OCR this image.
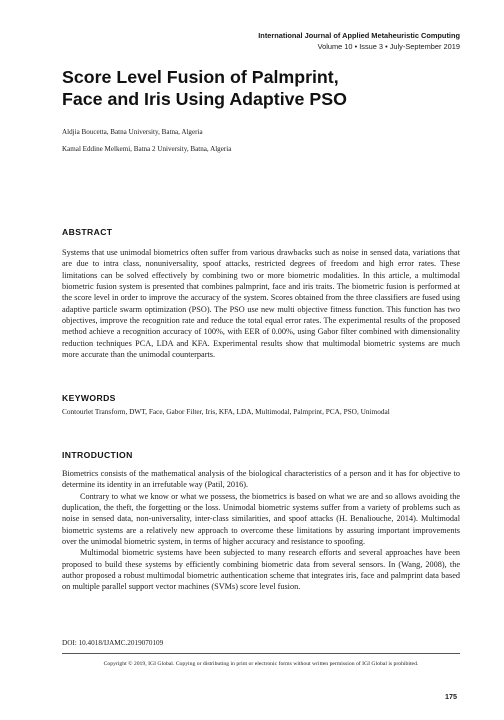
International Journal of Applied Metaheuristic Computing
Volume 10 • Issue 3 • July-September 2019
Score Level Fusion of Palmprint,
Face and Iris Using Adaptive PSO
Aldjia Boucetta, Batna University, Batna, Algeria
Kamal Eddine Melkemi, Batna 2 University, Batna, Algeria
ABSTRACT

Systems that use unimodal biometrics often suffer from various drawbacks such as noise in sensed data, variations that are due to intra class, nonuniversality, spoof attacks, restricted degrees of freedom and high error rates. These limitations can be solved effectively by combining two or more biometric modalities. In this article, a multimodal biometric fusion system is presented that combines palmprint, face and iris traits. The biometric fusion is performed at the score level in order to improve the accuracy of the system. Scores obtained from the three classifiers are fused using adaptive particle swarm optimization (PSO). The PSO use new multi objective fitness function. This function has two objectives, improve the recognition rate and reduce the total equal error rates. The experimental results of the proposed method achieve a recognition accuracy of 100%, with EER of 0.00%, using Gabor filter combined with dimensionality reduction techniques PCA, LDA and KFA. Experimental results show that multimodal biometric systems are much more accurate than the unimodal counterparts.

KEYWORDS

Contourlet Transform, DWT, Face, Gabor Filter, Iris, KFA, LDA, Multimodal, Palmprint, PCA, PSO, Unimodal

INTRODUCTION
Biometrics consists of the mathematical analysis of the biological characteristics of a person and it has for objective to determine its identity in an irrefutable way (Patil, 2016).
Contrary to what we know or what we possess, the biometrics is based on what we are and so allows avoiding the duplication, the theft, the forgetting or the loss. Unimodal biometric systems suffer from a variety of problems such as noise in sensed data, non-universality, inter-class similarities, and spoof attacks (H. Benaliouche, 2014). Multimodal biometric systems are a relatively new approach to overcome these limitations by assuring important improvements over the unimodal biometric system, in terms of higher accuracy and resistance to spoofing.
Multimodal biometric systems have been subjected to many research efforts and several approaches have been proposed to build these systems by efficiently combining biometric data from several sensors. In (Wang, 2008), the author proposed a robust multimodal biometric authentication scheme that integrates iris, face and palmprint data based on multiple parallel support vector machines (SVMs) score level fusion.
DOI: 10.4018/IJAMC.2019070109
Copyright © 2019, IGI Global. Copying or distributing in print or electronic forms without written permission of IGI Global is prohibited.
175
